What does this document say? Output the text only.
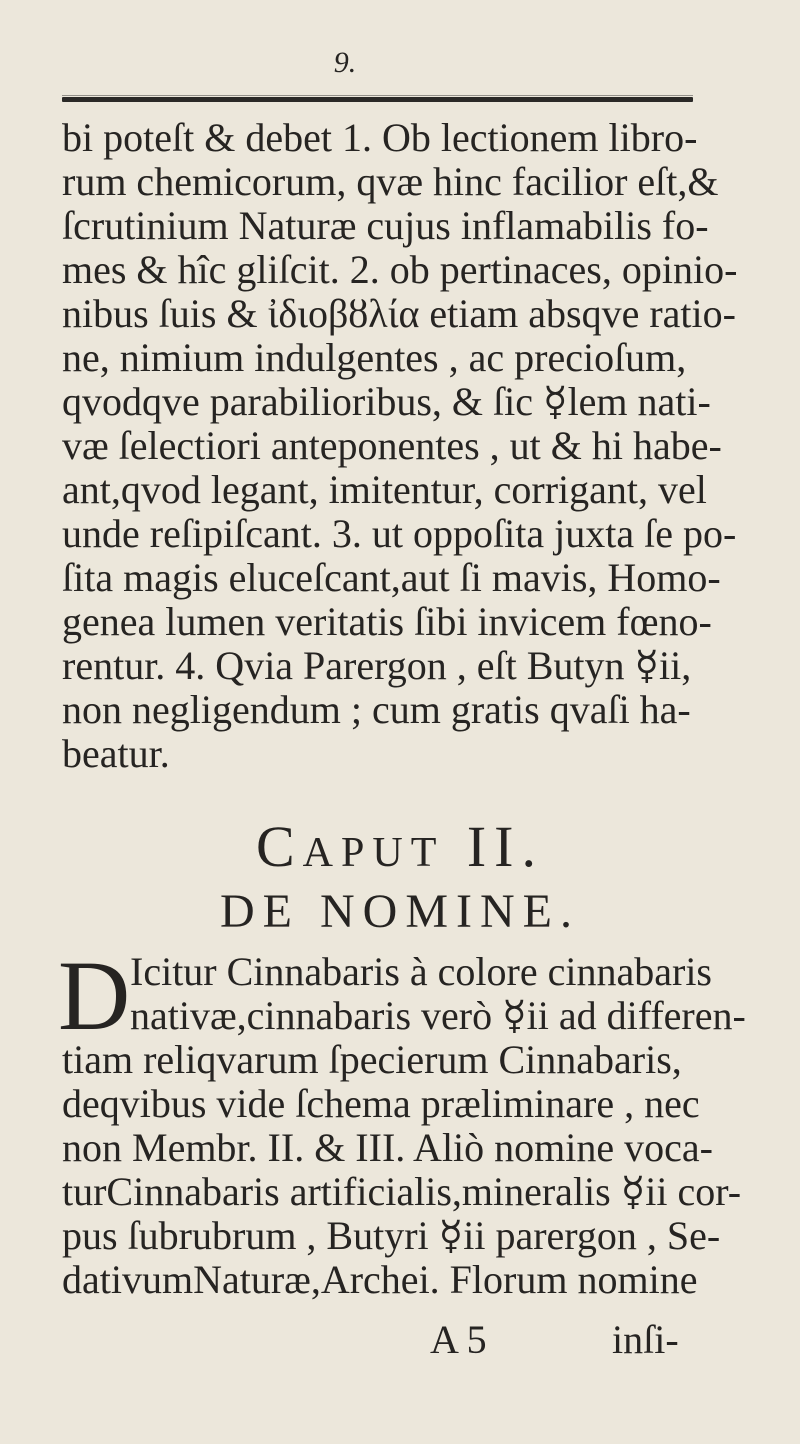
9.
bi poteſt & debet 1. Ob lectionem libro-
rum chemicorum, qvæ hinc facilior eſt,&
ſcrutinium Naturæ cujus inflamabilis fo-
mes & hîc gliſcit. 2. ob pertinaces, opinio-
nibus ſuis & ἰδιοβȣλία etiam absqve ratio-
ne, nimium indulgentes , ac precioſum,
qvodqve parabilioribus, & ſic ☿lem nati-
væ ſelectiori anteponentes , ut & hi habe-
ant,qvod legant, imitentur, corrigant, vel
unde reſipiſcant. 3. ut oppoſita juxta ſe po-
ſita magis eluceſcant,aut ſi mavis, Homo-
genea lumen veritatis ſibi invicem fœno-
rentur. 4. Qvia Parergon , eſt Butyn ☿ii,
non negligendum ; cum gratis qvaſi ha-
beatur.
CAPUT II.
DE NOMINE.
D Icitur Cinnabaris à colore cinnabaris
nativæ,cinnabaris verò ☿ii ad differen-
tiam reliqvarum ſpecierum Cinnabaris,
deqvibus vide ſchema præliminare , nec
non Membr. II. & III. Aliò nomine voca-
turCinnabaris artificialis,mineralis ☿ii cor-
pus ſubrubrum , Butyri ☿ii parergon , Se-
dativumNaturæ,Archei. Florum nomine
A 5	inſi-
